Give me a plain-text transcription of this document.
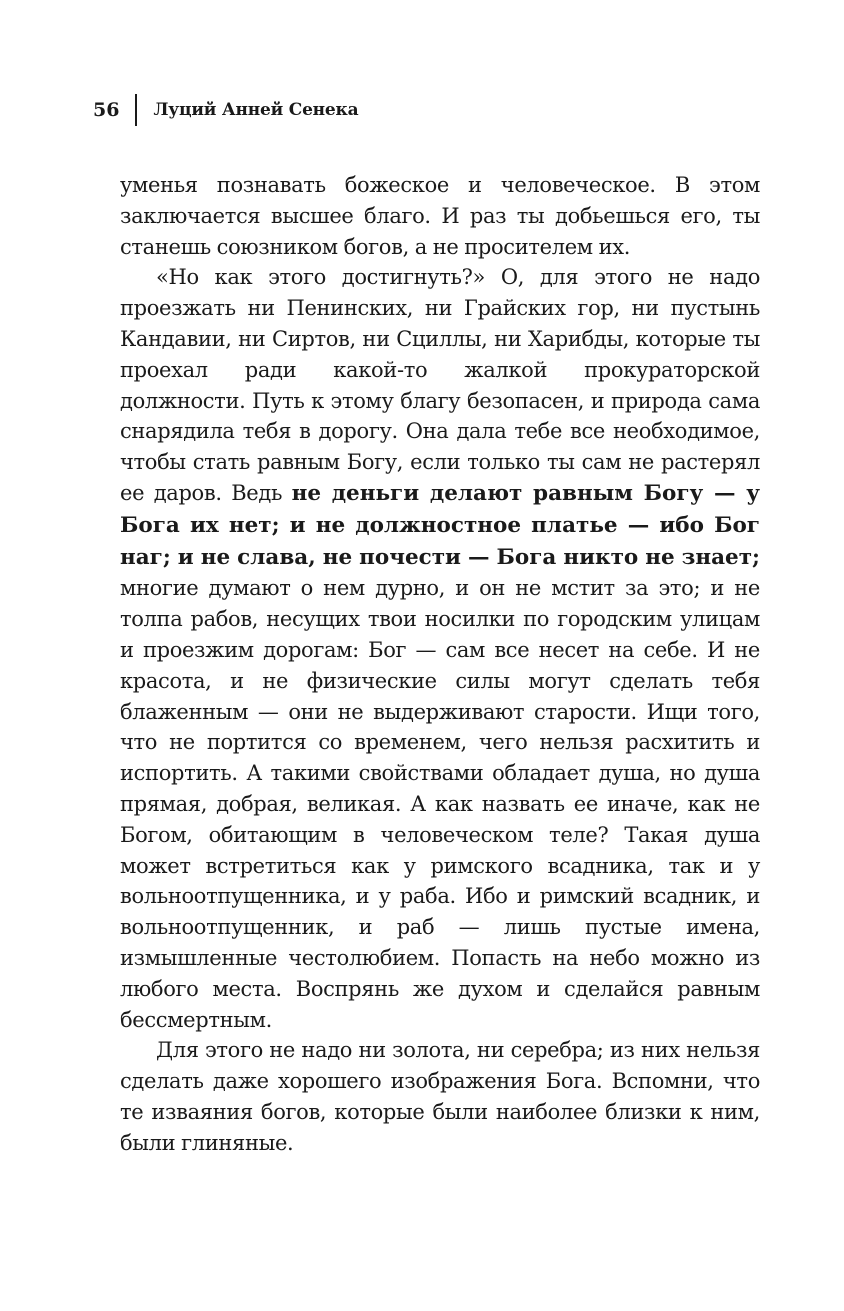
56 Луций Анней Сенека

уменья познавать божеское и человеческое. В этом заключается высшее благо. И раз ты добьешься его, ты станешь союзником богов, а не просителем их.

«Но как этого достигнуть?» О, для этого не надо проезжать ни Пенинских, ни Грайских гор, ни пустынь Кандавии, ни Сиртов, ни Сциллы, ни Харибды, которые ты проехал ради какой-то жалкой прокураторской должности. Путь к этому благу безопасен, и природа сама снарядила тебя в дорогу. Она дала тебе все необходимое, чтобы стать равным Богу, если только ты сам не растерял ее даров. Ведь не деньги делают равным Богу — у Бога их нет; и не должностное платье — ибо Бог наг; и не слава, не почести — Бога никто не знает; многие думают о нем дурно, и он не мстит за это; и не толпа рабов, несущих твои носилки по городским улицам и проезжим дорогам: Бог — сам все несет на себе. И не красота, и не физические силы могут сделать тебя блаженным — они не выдерживают старости. Ищи того, что не портится со временем, чего нельзя расхитить и испортить. А такими свойствами обладает душа, но душа прямая, добрая, великая. А как назвать ее иначе, как не Богом, обитающим в человеческом теле? Такая душа может встретиться как у римского всадника, так и у вольноотпущенника, и у раба. Ибо и римский всадник, и вольноотпущенник, и раб — лишь пустые имена, измышленные честолюбием. Попасть на небо можно из любого места. Воспрянь же духом и сделайся равным бессмертным.

Для этого не надо ни золота, ни серебра; из них нельзя сделать даже хорошего изображения Бога. Вспомни, что те изваяния богов, которые были наиболее близки к ним, были глиняные.
